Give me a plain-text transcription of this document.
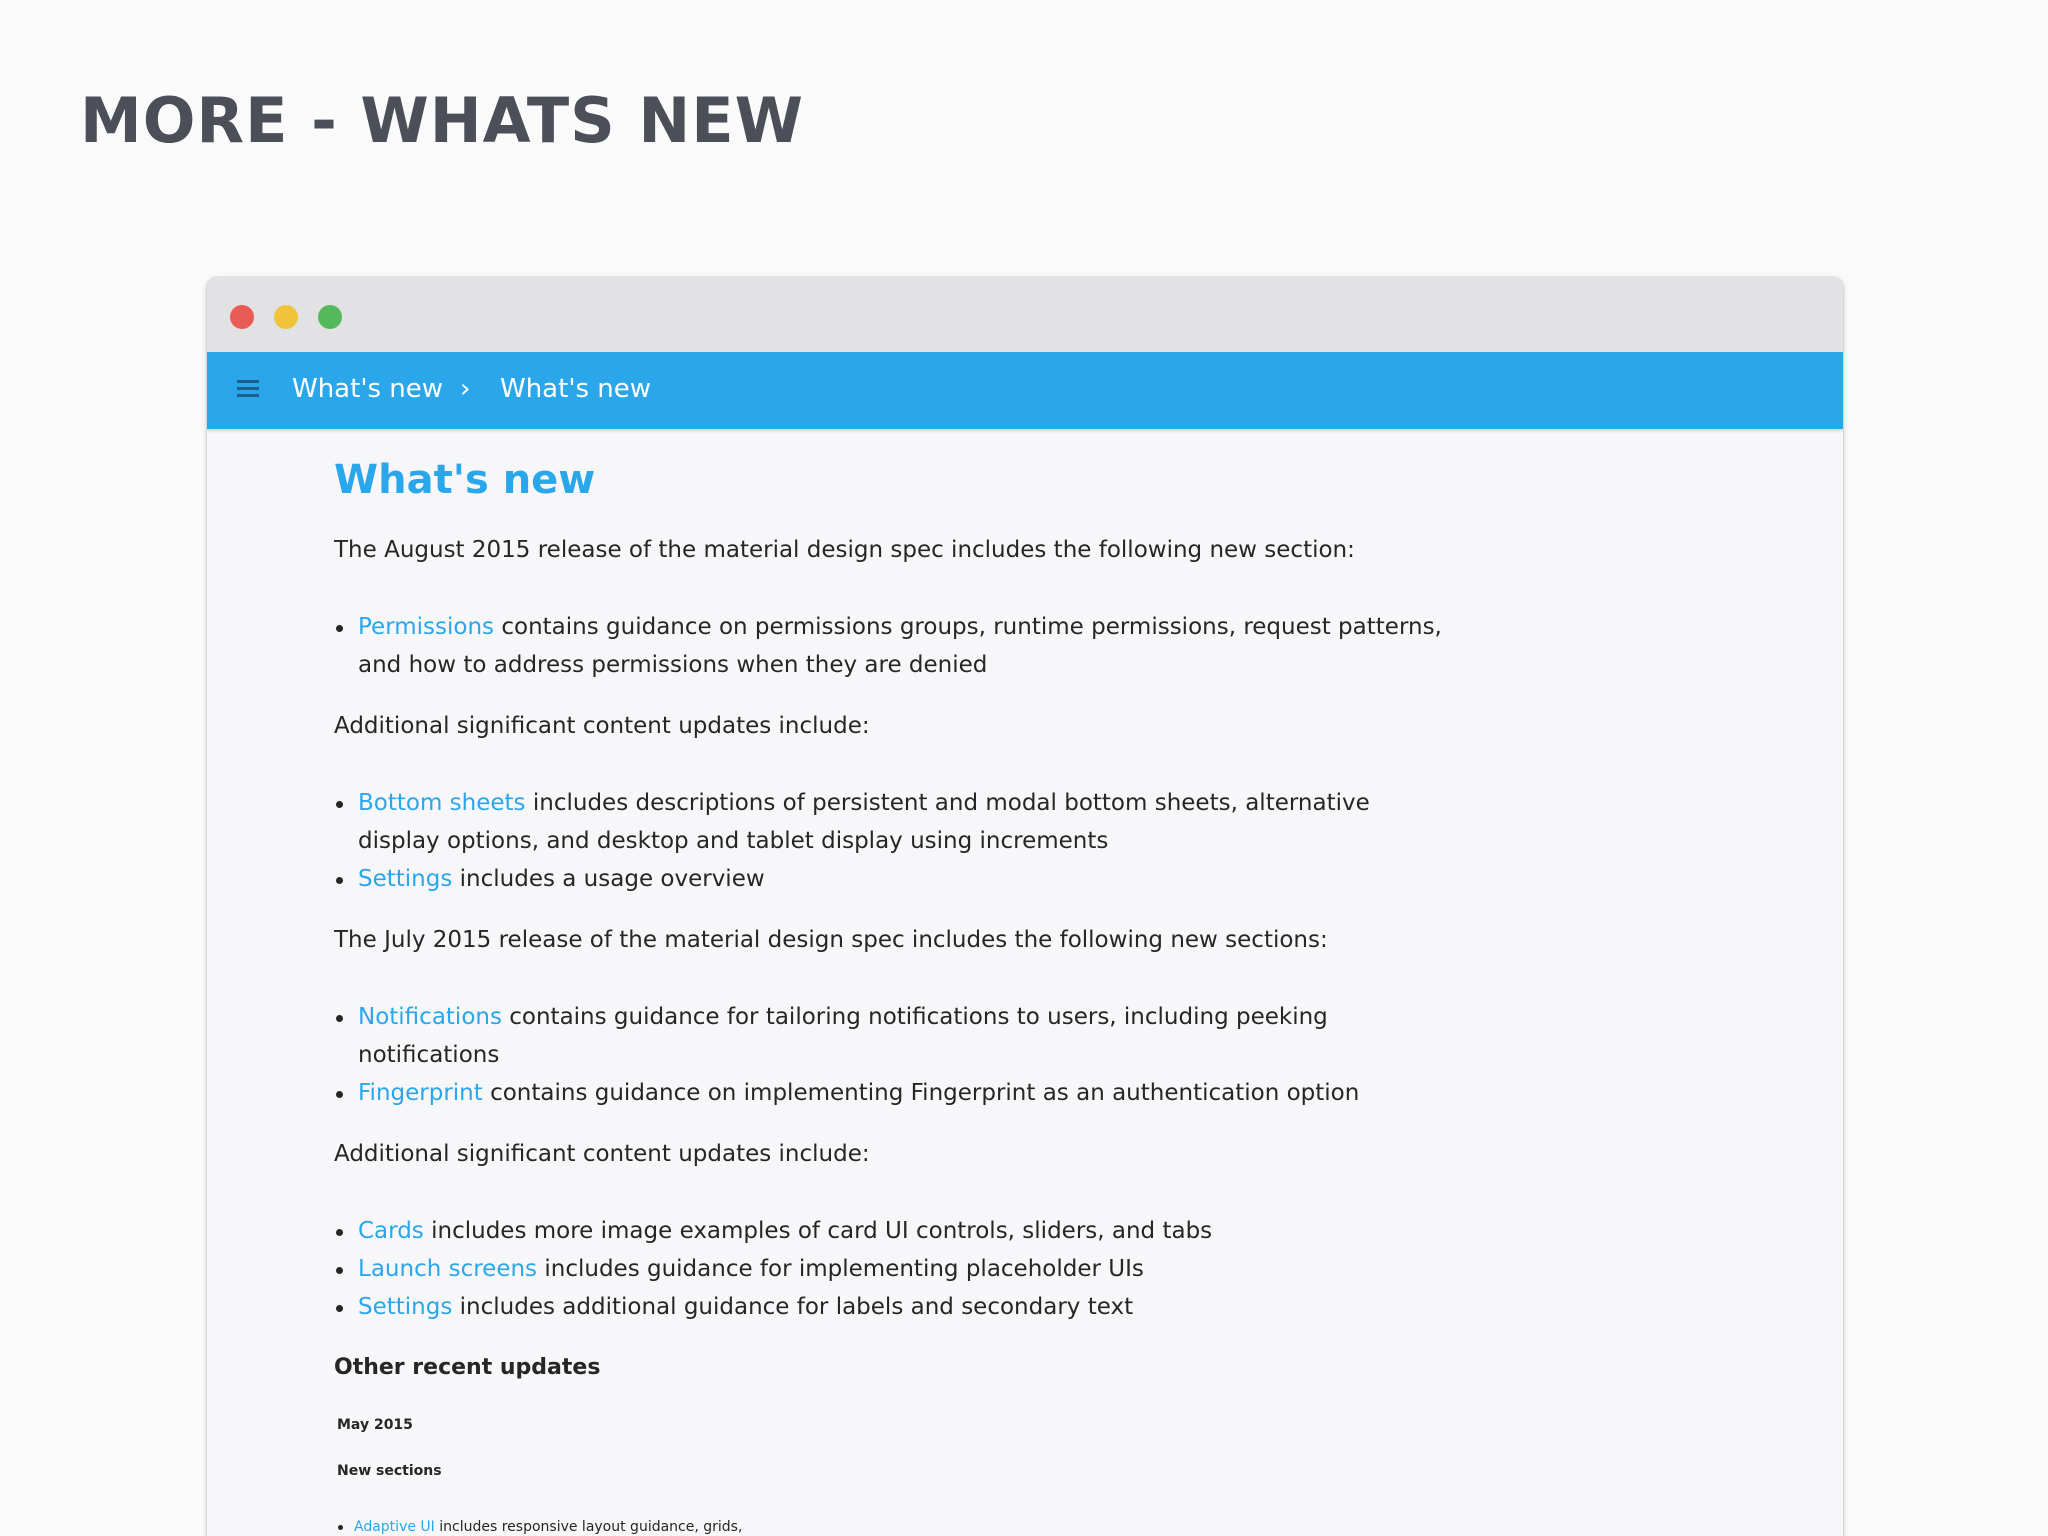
MORE - WHATS NEW
What's new › What's new
What's new

The August 2015 release of the material design spec includes the following new section:

Permissions contains guidance on permissions groups, runtime permissions, request patterns, and how to address permissions when they are denied

Additional significant content updates include:

Bottom sheets includes descriptions of persistent and modal bottom sheets, alternative display options, and desktop and tablet display using increments
Settings includes a usage overview

The July 2015 release of the material design spec includes the following new sections:

Notifications contains guidance for tailoring notifications to users, including peeking notifications
Fingerprint contains guidance on implementing Fingerprint as an authentication option

Additional significant content updates include:

Cards includes more image examples of card UI controls, sliders, and tabs
Launch screens includes guidance for implementing placeholder UIs
Settings includes additional guidance for labels and secondary text
Other recent updates
May 2015
New sections
Adaptive UI includes responsive layout guidance, grids,
